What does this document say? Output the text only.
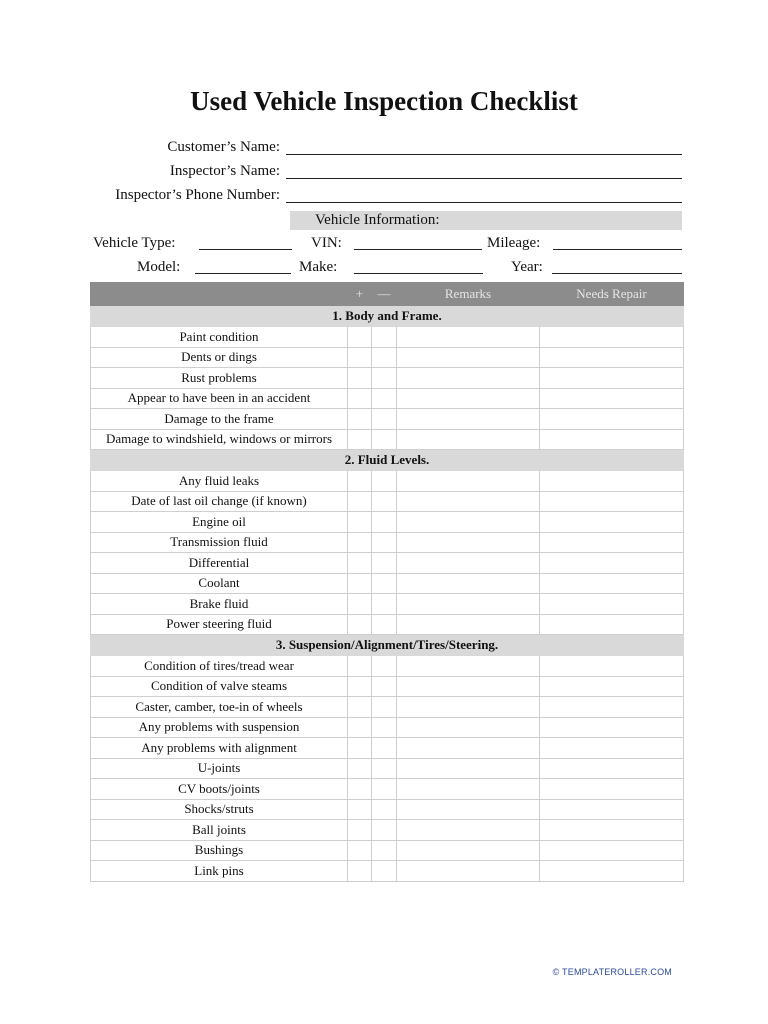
Used Vehicle Inspection Checklist
Customer’s Name:
Inspector’s Name:
Inspector’s Phone Number:
Vehicle Information:
Vehicle Type:	VIN:	Mileage:
Model:	Make:	Year:
	+	—	Remarks	Needs Repair
1. Body and Frame.				
Paint condition				
Dents or dings				
Rust problems				
Appear to have been in an accident				
Damage to the frame				
Damage to windshield, windows or mirrors				
2. Fluid Levels.				
Any fluid leaks				
Date of last oil change (if known)				
Engine oil				
Transmission fluid				
Differential				
Coolant				
Brake fluid				
Power steering fluid				
3. Suspension/Alignment/Tires/Steering.				
Condition of tires/tread wear				
Condition of valve steams				
Caster, camber, toe-in of wheels				
Any problems with suspension				
Any problems with alignment				
U-joints				
CV boots/joints				
Shocks/struts				
Ball joints				
Bushings				
Link pins				
© TEMPLATEROLLER.COM
